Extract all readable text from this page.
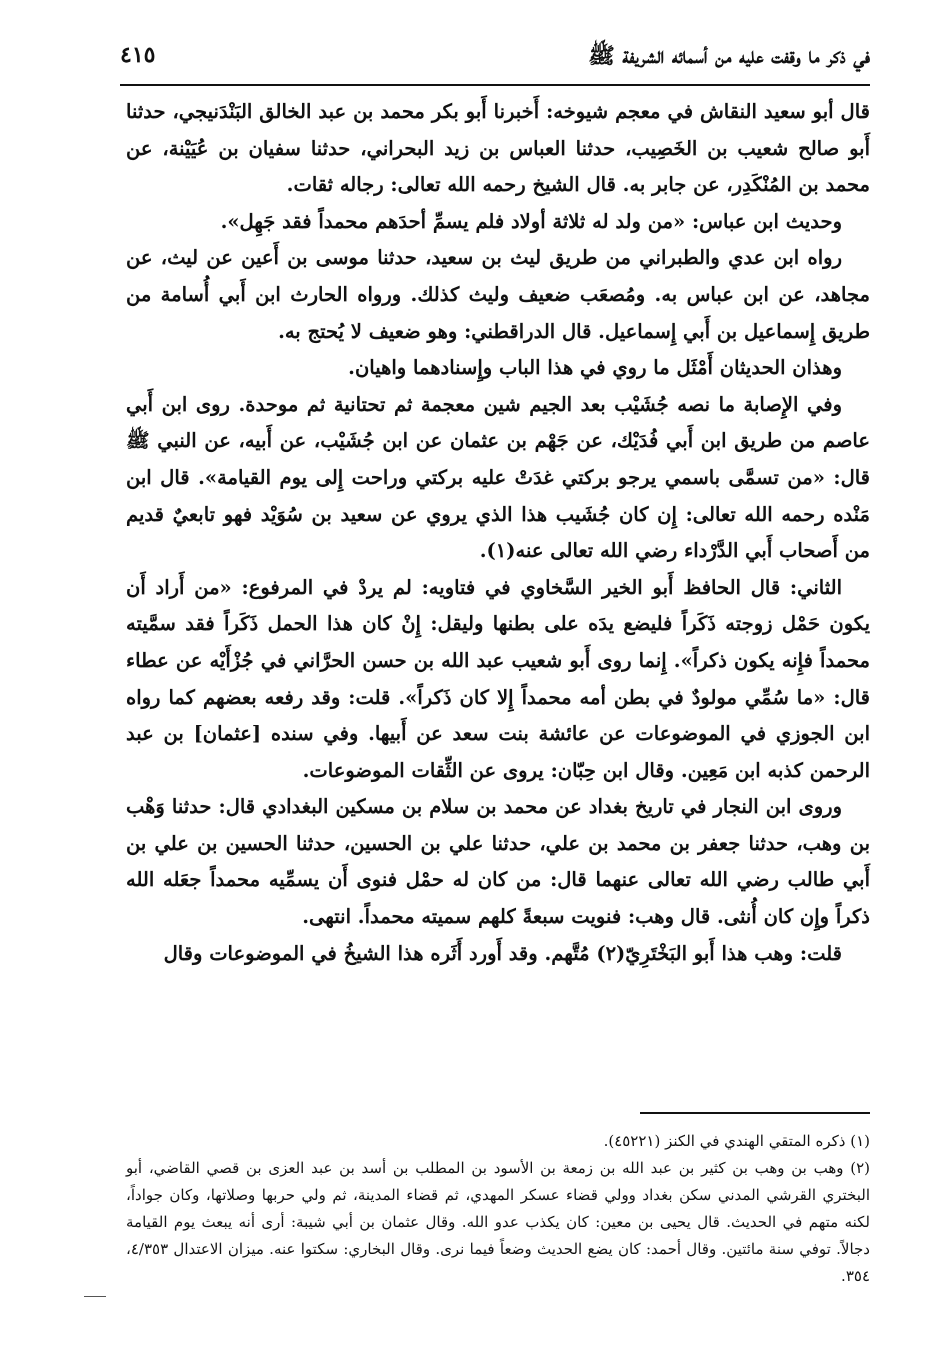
في ذكر ما وقفت عليه من أسمائه الشريفة ﷺ
٤١٥

قال أبو سعيد النقاش في معجم شيوخه: أَخبرنا أَبو بكر محمد بن عبد الخالق البَنْدَنيجي، حدثنا أَبو صالح شعيب بن الخَصِيب، حدثنا العباس بن زيد البحراني، حدثنا سفيان بن عُيَيْنة، عن محمد بن المُنْكَدِر، عن جابر به. قال الشيخ رحمه الله تعالى: رجاله ثقات.

وحديث ابن عباس: «من ولد له ثلاثة أولاد فلم يسمِّ أحدَهم محمداً فقد جَهِل».

رواه ابن عدي والطبراني من طريق ليث بن سعيد، حدثنا موسى بن أَعين عن ليث، عن مجاهد، عن ابن عباس به. ومُصعَب ضعيف وليث كذلك. ورواه الحارث ابن أَبي أُسامة من طريق إِسماعيل بن أَبي إِسماعيل. قال الدراقطني: وهو ضعيف لا يُحتج به.

وهذان الحديثان أَمْثَل ما روي في هذا الباب وإِسنادهما واهيان.

وفي الإِصابة ما نصه جُشَيْب بعد الجيم شين معجمة ثم تحتانية ثم موحدة. روى ابن أَبي عاصم من طريق ابن أَبي فُدَيْك، عن جَهْم بن عثمان عن ابن جُشَيْب، عن أَبيه، عن النبي ﷺ قال: «من تسمَّى باسمي يرجو بركتي غدَتْ عليه بركتي وراحت إِلى يوم القيامة». قال ابن مَنْده رحمه الله تعالى: إِن كان جُشَيب هذا الذي يروي عن سعيد بن سُوَيْد فهو تابعيٌ قديم من أَصحاب أَبي الدَّرْداء رضي الله تعالى عنه(١).

الثاني: قال الحافظ أَبو الخير السَّخاوي في فتاويه: لم يردْ في المرفوع: «من أَراد أَن يكون حَمْل زوجته ذَكَراً فليضع يدَه على بطنها وليقل: إِنْ كان هذا الحمل ذَكَراً فقد سمَّيته محمداً فإِنه يكون ذكراً». إِنما روى أَبو شعيب عبد الله بن حسن الحرَّاني في جُزْأَيْه عن عطاء قال: «ما سُمِّي مولودٌ في بطن أمه محمداً إِلا كان ذَكراً». قلت: وقد رفعه بعضهم كما رواه ابن الجوزي في الموضوعات عن عائشة بنت سعد عن أَبيها. وفي سنده [عثمان] بن عبد الرحمن كذبه ابن مَعِين. وقال ابن حِبّان: يروى عن الثِّقات الموضوعات.

وروى ابن النجار في تاريخ بغداد عن محمد بن سلام بن مسكين البغدادي قال: حدثنا وَهْب بن وهب، حدثنا جعفر بن محمد بن علي، حدثنا علي بن الحسين، حدثنا الحسين بن علي بن أَبي طالب رضي الله تعالى عنهما قال: من كان له حمْل فنوى أَن يسمِّيه محمداً جعَله الله ذكراً وإِن كان أُنثى. قال وهب: فنويت سبعةً كلهم سميته محمداً. انتهى.

قلت: وهب هذا أَبو البَخْتَرِيّ(٢) مُتَّهم. وقد أَورد أَثَره هذا الشيخُ في الموضوعات وقال

(١) ذكره المتقي الهندي في الكنز (٤٥٢٢١).

(٢) وهب بن وهب بن كثير بن عبد الله بن زمعة بن الأسود بن المطلب بن أسد بن عبد العزى بن قصي القاضي، أبو البختري القرشي المدني سكن بغداد وولي قضاء عسكر المهدي، ثم قضاء المدينة، ثم ولي حربها وصلاتها، وكان جواداً، لكنه متهم في الحديث. قال يحيى بن معين: كان يكذب عدو الله. وقال عثمان بن أبي شيبة: أرى أنه يبعث يوم القيامة دجالاً. توفي سنة مائتين. وقال أحمد: كان يضع الحديث وضعاً فيما نرى. وقال البخاري: سكتوا عنه. ميزان الاعتدال ٤/٣٥٣، ٣٥٤.
